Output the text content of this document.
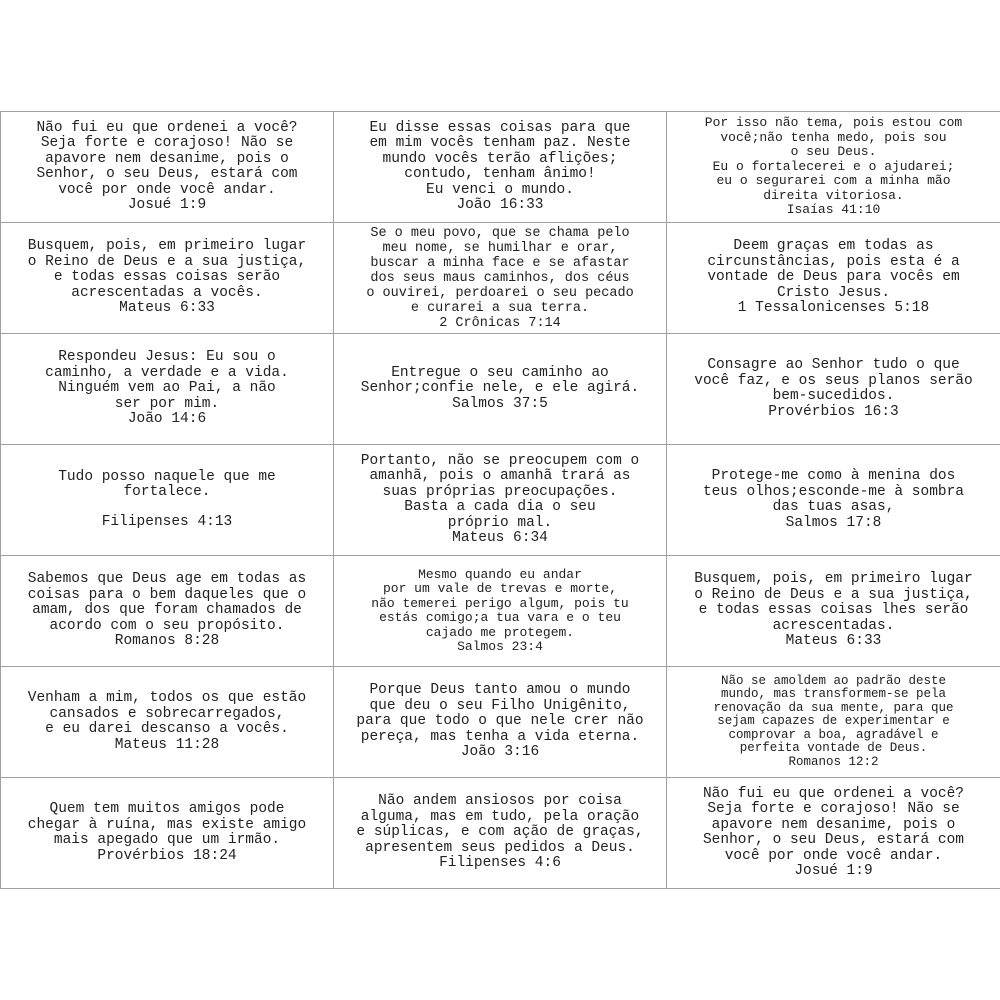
Não fui eu que ordenei a você?
Seja forte e corajoso! Não se
apavore nem desanime, pois o
Senhor, o seu Deus, estará com
você por onde você andar.
Josué 1:9
Eu disse essas coisas para que
em mim vocês tenham paz. Neste
mundo vocês terão aflições;
contudo, tenham ânimo!
Eu venci o mundo.
João 16:33
Por isso não tema, pois estou com
você;não tenha medo, pois sou
o seu Deus.
Eu o fortalecerei e o ajudarei;
eu o segurarei com a minha mão
direita vitoriosa.
Isaías 41:10
Busquem, pois, em primeiro lugar
o Reino de Deus e a sua justiça,
e todas essas coisas serão
acrescentadas a vocês.
Mateus 6:33
Se o meu povo, que se chama pelo
meu nome, se humilhar e orar,
buscar a minha face e se afastar
dos seus maus caminhos, dos céus
o ouvirei, perdoarei o seu pecado
e curarei a sua terra.
2 Crônicas 7:14
Deem graças em todas as
circunstâncias, pois esta é a
vontade de Deus para vocês em
Cristo Jesus.
1 Tessalonicenses 5:18
Respondeu Jesus: Eu sou o
caminho, a verdade e a vida.
Ninguém vem ao Pai, a não
ser por mim.
João 14:6
Entregue o seu caminho ao
Senhor;confie nele, e ele agirá.
Salmos 37:5
Consagre ao Senhor tudo o que
você faz, e os seus planos serão
bem-sucedidos.
Provérbios 16:3
Tudo posso naquele que me
fortalece.
Filipenses 4:13
Portanto, não se preocupem com o
amanhã, pois o amanhã trará as
suas próprias preocupações.
Basta a cada dia o seu
próprio mal.
Mateus 6:34
Protege-me como à menina dos
teus olhos;esconde-me à sombra
das tuas asas,
Salmos 17:8
Sabemos que Deus age em todas as
coisas para o bem daqueles que o
amam, dos que foram chamados de
acordo com o seu propósito.
Romanos 8:28
Mesmo quando eu andar
por um vale de trevas e morte,
não temerei perigo algum, pois tu
estás comigo;a tua vara e o teu
cajado me protegem.
Salmos 23:4
Busquem, pois, em primeiro lugar
o Reino de Deus e a sua justiça,
e todas essas coisas lhes serão
acrescentadas.
Mateus 6:33
Venham a mim, todos os que estão
cansados e sobrecarregados,
e eu darei descanso a vocês.
Mateus 11:28
Porque Deus tanto amou o mundo
que deu o seu Filho Unigênito,
para que todo o que nele crer não
pereça, mas tenha a vida eterna.
João 3:16
Não se amoldem ao padrão deste
mundo, mas transformem-se pela
renovação da sua mente, para que
sejam capazes de experimentar e
comprovar a boa, agradável e
perfeita vontade de Deus.
Romanos 12:2
Quem tem muitos amigos pode
chegar à ruína, mas existe amigo
mais apegado que um irmão.
Provérbios 18:24
Não andem ansiosos por coisa
alguma, mas em tudo, pela oração
e súplicas, e com ação de graças,
apresentem seus pedidos a Deus.
Filipenses 4:6
Não fui eu que ordenei a você?
Seja forte e corajoso! Não se
apavore nem desanime, pois o
Senhor, o seu Deus, estará com
você por onde você andar.
Josué 1:9
